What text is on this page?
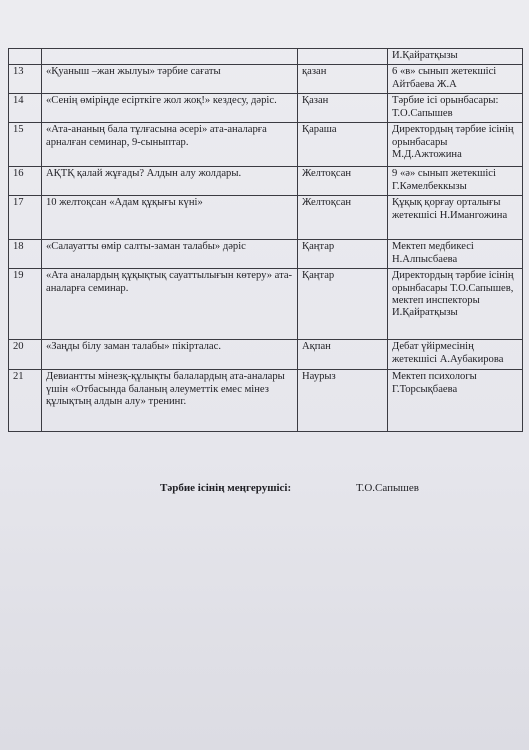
			И.Қайратқызы
13	«Қуаныш –жан жылуы» тәрбие сағаты	қазан	6 «в» сынып жетекшісі Айтбаева Ж.А
14	«Сенің өміріңде есірткіге жол жоқ!» кездесу, дәріс.	Қазан	Тәрбие ісі орынбасары: Т.О.Сапышев
15	«Ата-ананың бала тұлғасына әсері» ата-аналарға арналған семинар, 9-сыныптар.	Қараша	Директордың тәрбие ісінің орынбасары М.Д.Ажтожина
16	АҚТҚ қалай жұғады? Алдын алу жолдары.	Желтоқсан	9 «ә» сынып жетекшісі Г.Кәмелбеккызы
17	10 желтоқсан «Адам құқығы күні»	Желтоқсан	Құқық қорғау орталығы жетекшісі Н.Имангожина
18	«Салауатты өмір салты-заман талабы» дәріс	Қаңтар	Мектеп медбикесі Н.Алпысбаева
19	«Ата аналардың құқықтық сауаттылығын көтеру» ата-аналарға семинар.	Қаңтар	Директордың тәрбие ісінің орынбасары Т.О.Сапышев, мектеп инспекторы И.Қайратқызы
20	«Заңды білу заман талабы» пікірталас.	Ақпан	Дебат үйірмесінің жетекшісі А.Аубакирова
21	Девиантты мінезқ-құлықты балалардың ата-аналары үшін «Отбасында баланың әлеуметтік емес мінез құлықтың алдын алу» тренинг.	Наурыз	Мектеп психологы Г.Торсықбаева
Тәрбие ісінің меңгерушісі:	Т.О.Сапышев
